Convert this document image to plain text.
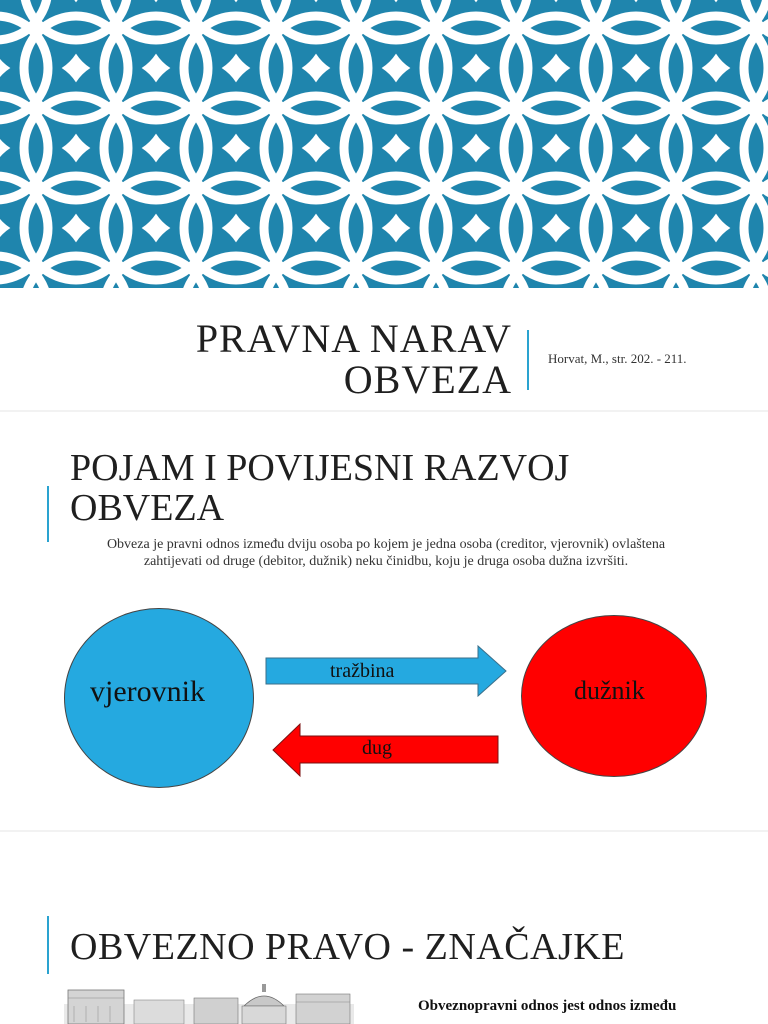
PRAVNA NARAV
OBVEZA	Horvat, M., str. 202. - 211.
POJAM I POVIJESNI RAZVOJ
OBVEZA
Obveza je pravni odnos između dviju osoba po kojem je jedna osoba (creditor, vjerovnik) ovlaštena zahtijevati od druge (debitor, dužnik) neku činidbu, koju je druga osoba dužna izvršiti.
vjerovnik	dužnik
tražbina
dug
OBVEZNO PRAVO - ZNAČAJKE
Obveznopravni odnos jest odnos između
